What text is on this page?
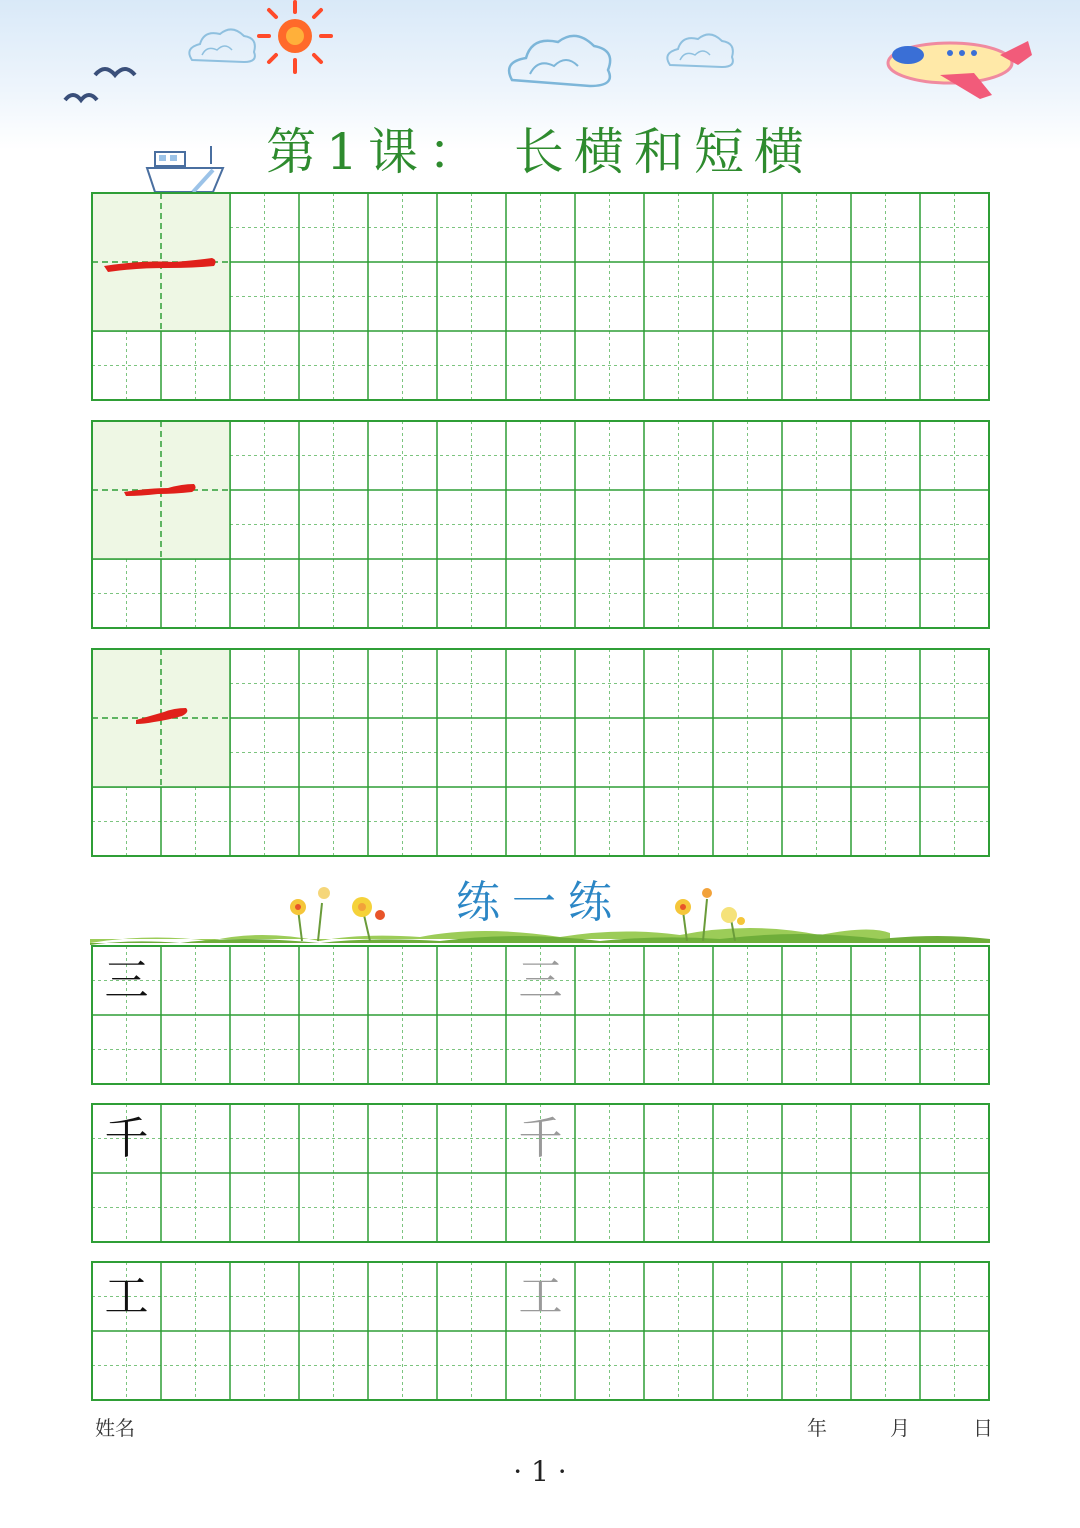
第1课： 长横和短横
练一练
姓名	年	月	日
· 1 ·
三	三
千	千
工	工
